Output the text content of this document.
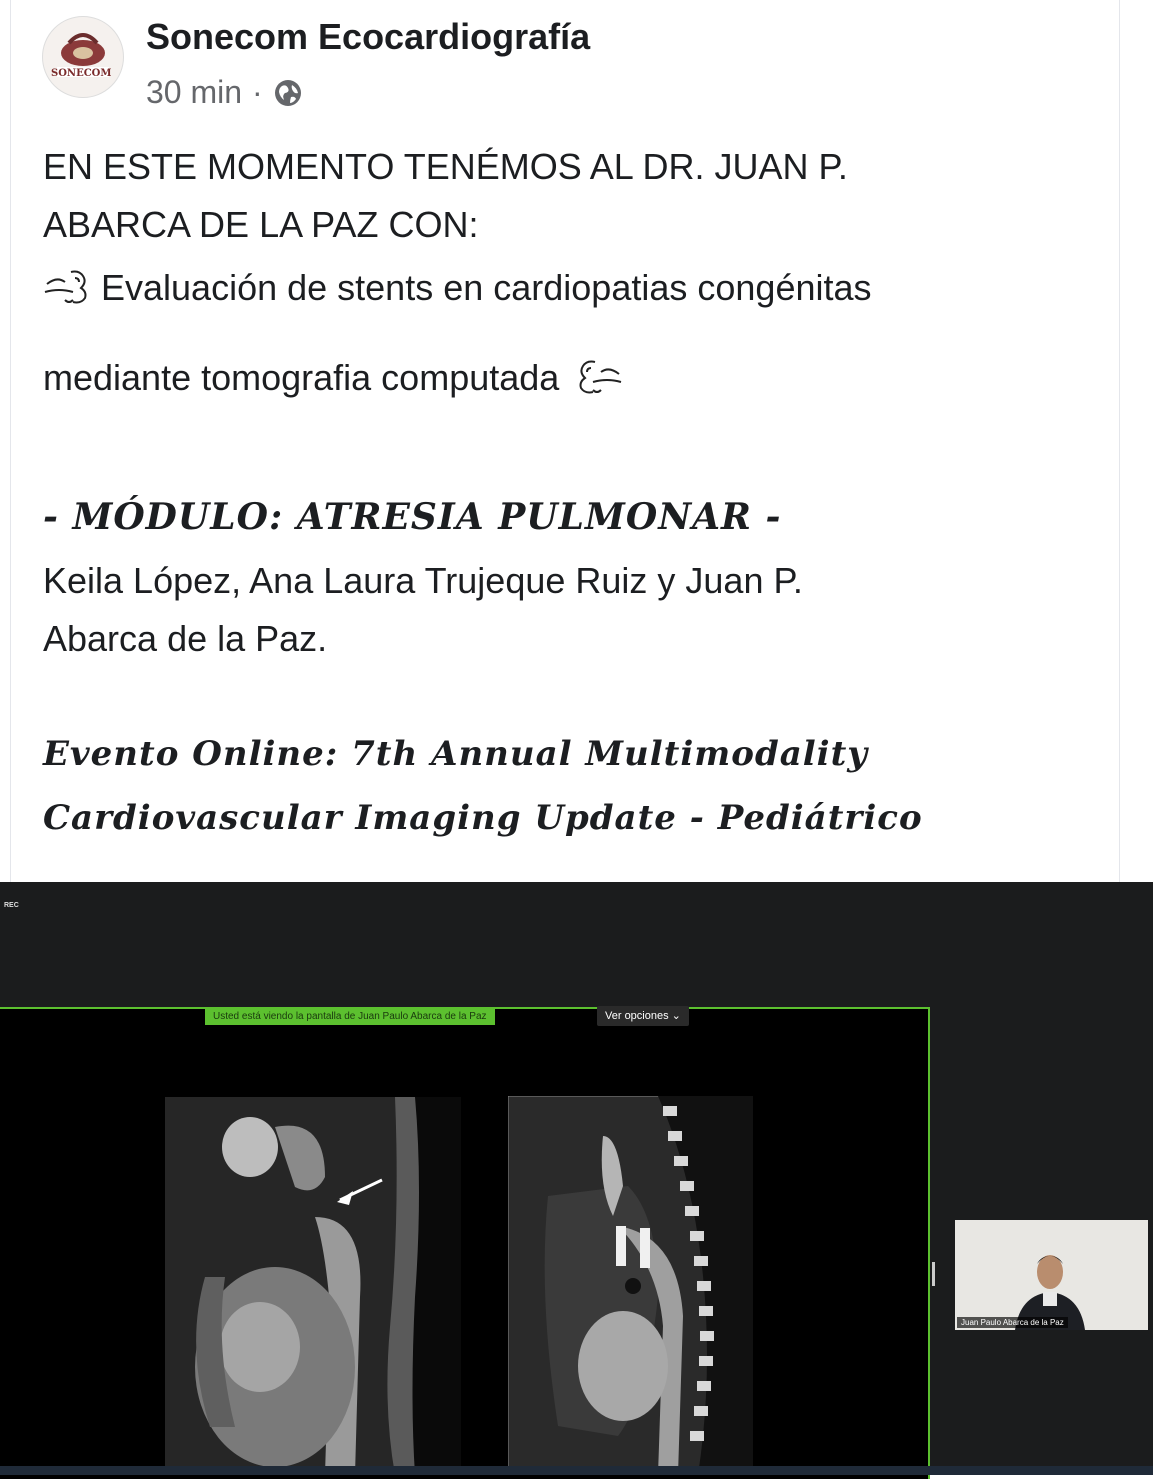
SONECOM
Sonecom Ecocardiografía
30 min ·
EN ESTE MOMENTO TENÉMOS AL DR. JUAN P.
ABARCA DE LA PAZ CON:
Evaluación de stents en cardiopatias congénitas
mediante tomografia computada
- MÓDULO: ATRESIA PULMONAR -
Keila López, Ana Laura Trujeque Ruiz y Juan P.
Abarca de la Paz.
Evento Online: 7th Annual Multimodality
Cardiovascular Imaging Update - Pediátrico
REC
Usted está viendo la pantalla de Juan Paulo Abarca de la Paz	Ver opciones ⌄
Juan Paulo Abarca de la Paz
